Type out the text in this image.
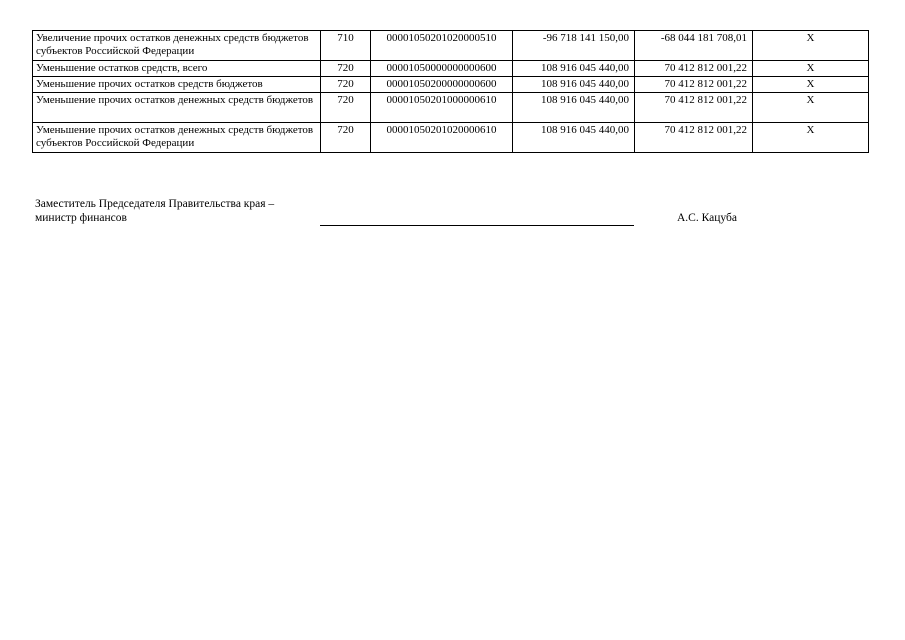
Увеличение прочих остатков денежных средств бюджетов субъектов Российской Федерации	710	00001050201020000510	-96 718 141 150,00	-68 044 181 708,01	Х
Уменьшение остатков средств, всего	720	00001050000000000600	108 916 045 440,00	70 412 812 001,22	Х
Уменьшение прочих остатков средств бюджетов	720	00001050200000000600	108 916 045 440,00	70 412 812 001,22	Х
Уменьшение прочих остатков денежных средств бюджетов	720	00001050201000000610	108 916 045 440,00	70 412 812 001,22	Х
Уменьшение прочих остатков денежных средств бюджетов субъектов Российской Федерации	720	00001050201020000610	108 916 045 440,00	70 412 812 001,22	Х
Заместитель Председателя Правительства края –
министр финансов	А.С. Кацуба
